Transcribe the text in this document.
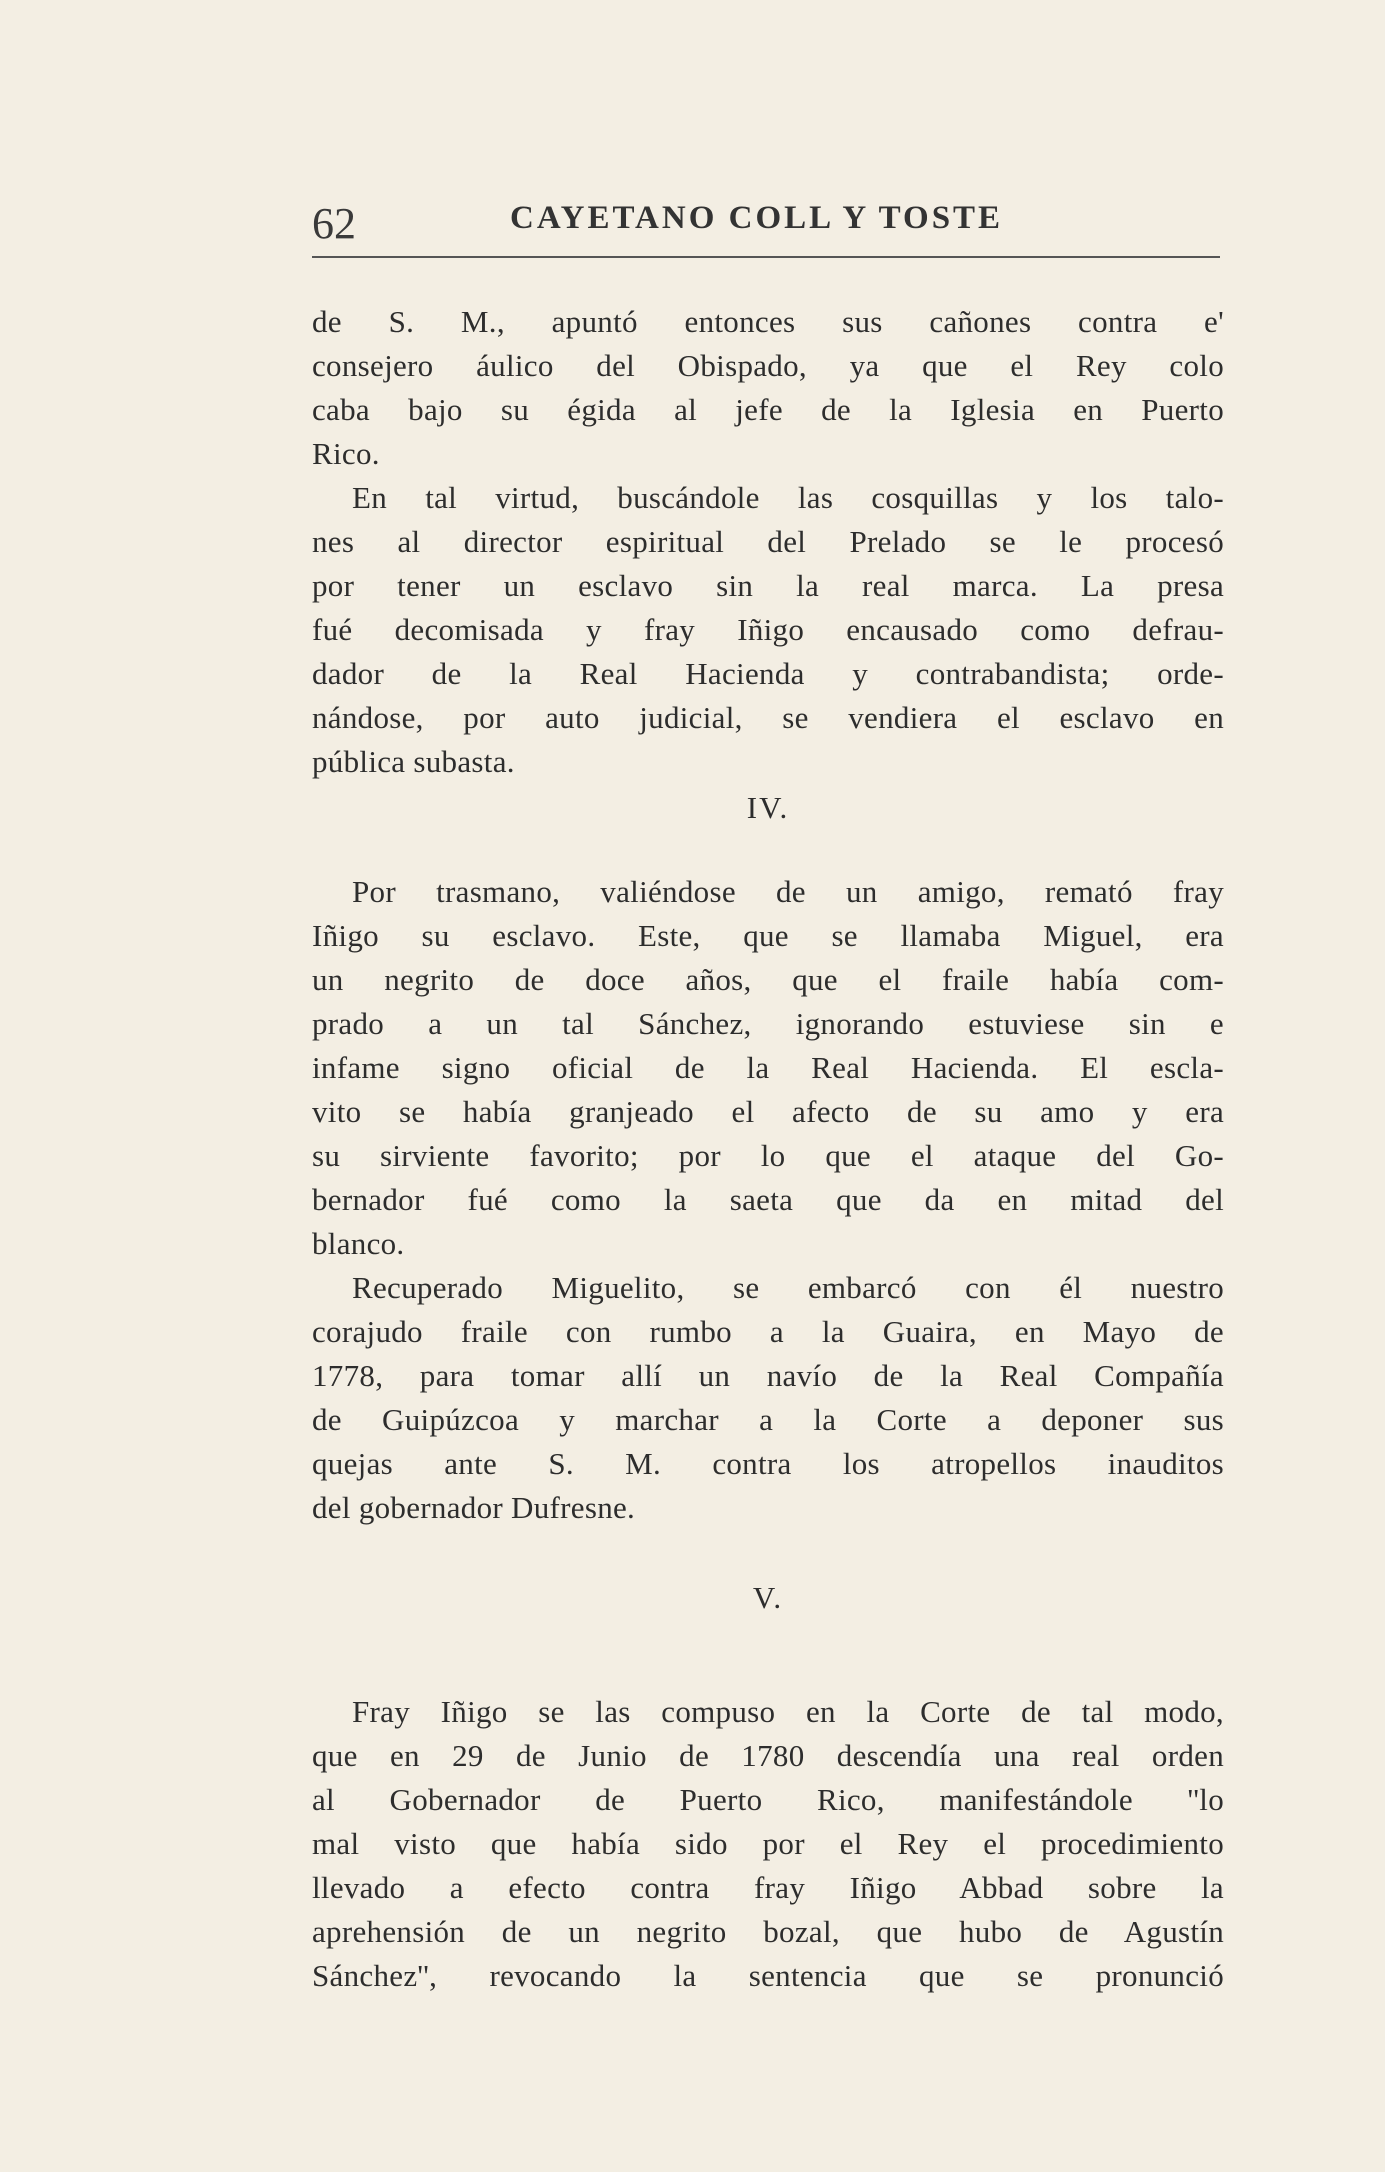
62	CAYETANO COLL Y TOSTE
de S. M., apuntó entonces sus cañones contra e'
consejero áulico del Obispado, ya que el Rey colo
caba bajo su égida al jefe de la Iglesia en Puerto
Rico.
En tal virtud, buscándole las cosquillas y los talo-
nes al director espiritual del Prelado se le procesó
por tener un esclavo sin la real marca. La presa
fué decomisada y fray Iñigo encausado como defrau-
dador de la Real Hacienda y contrabandista; orde-
nándose, por auto judicial, se vendiera el esclavo en
pública subasta.
IV.
Por trasmano, valiéndose de un amigo, remató fray
Iñigo su esclavo. Este, que se llamaba Miguel, era
un negrito de doce años, que el fraile había com-
prado a un tal Sánchez, ignorando estuviese sin e
infame signo oficial de la Real Hacienda. El escla-
vito se había granjeado el afecto de su amo y era
su sirviente favorito; por lo que el ataque del Go-
bernador fué como la saeta que da en mitad del
blanco.
Recuperado Miguelito, se embarcó con él nuestro
corajudo fraile con rumbo a la Guaira, en Mayo de
1778, para tomar allí un navío de la Real Compañía
de Guipúzcoa y marchar a la Corte a deponer sus
quejas ante S. M. contra los atropellos inauditos
del gobernador Dufresne.
V.
Fray Iñigo se las compuso en la Corte de tal modo,
que en 29 de Junio de 1780 descendía una real orden
al Gobernador de Puerto Rico, manifestándole ''lo
mal visto que había sido por el Rey el procedimiento
llevado a efecto contra fray Iñigo Abbad sobre la
aprehensión de un negrito bozal, que hubo de Agustín
Sánchez'', revocando la sentencia que se pronunció
